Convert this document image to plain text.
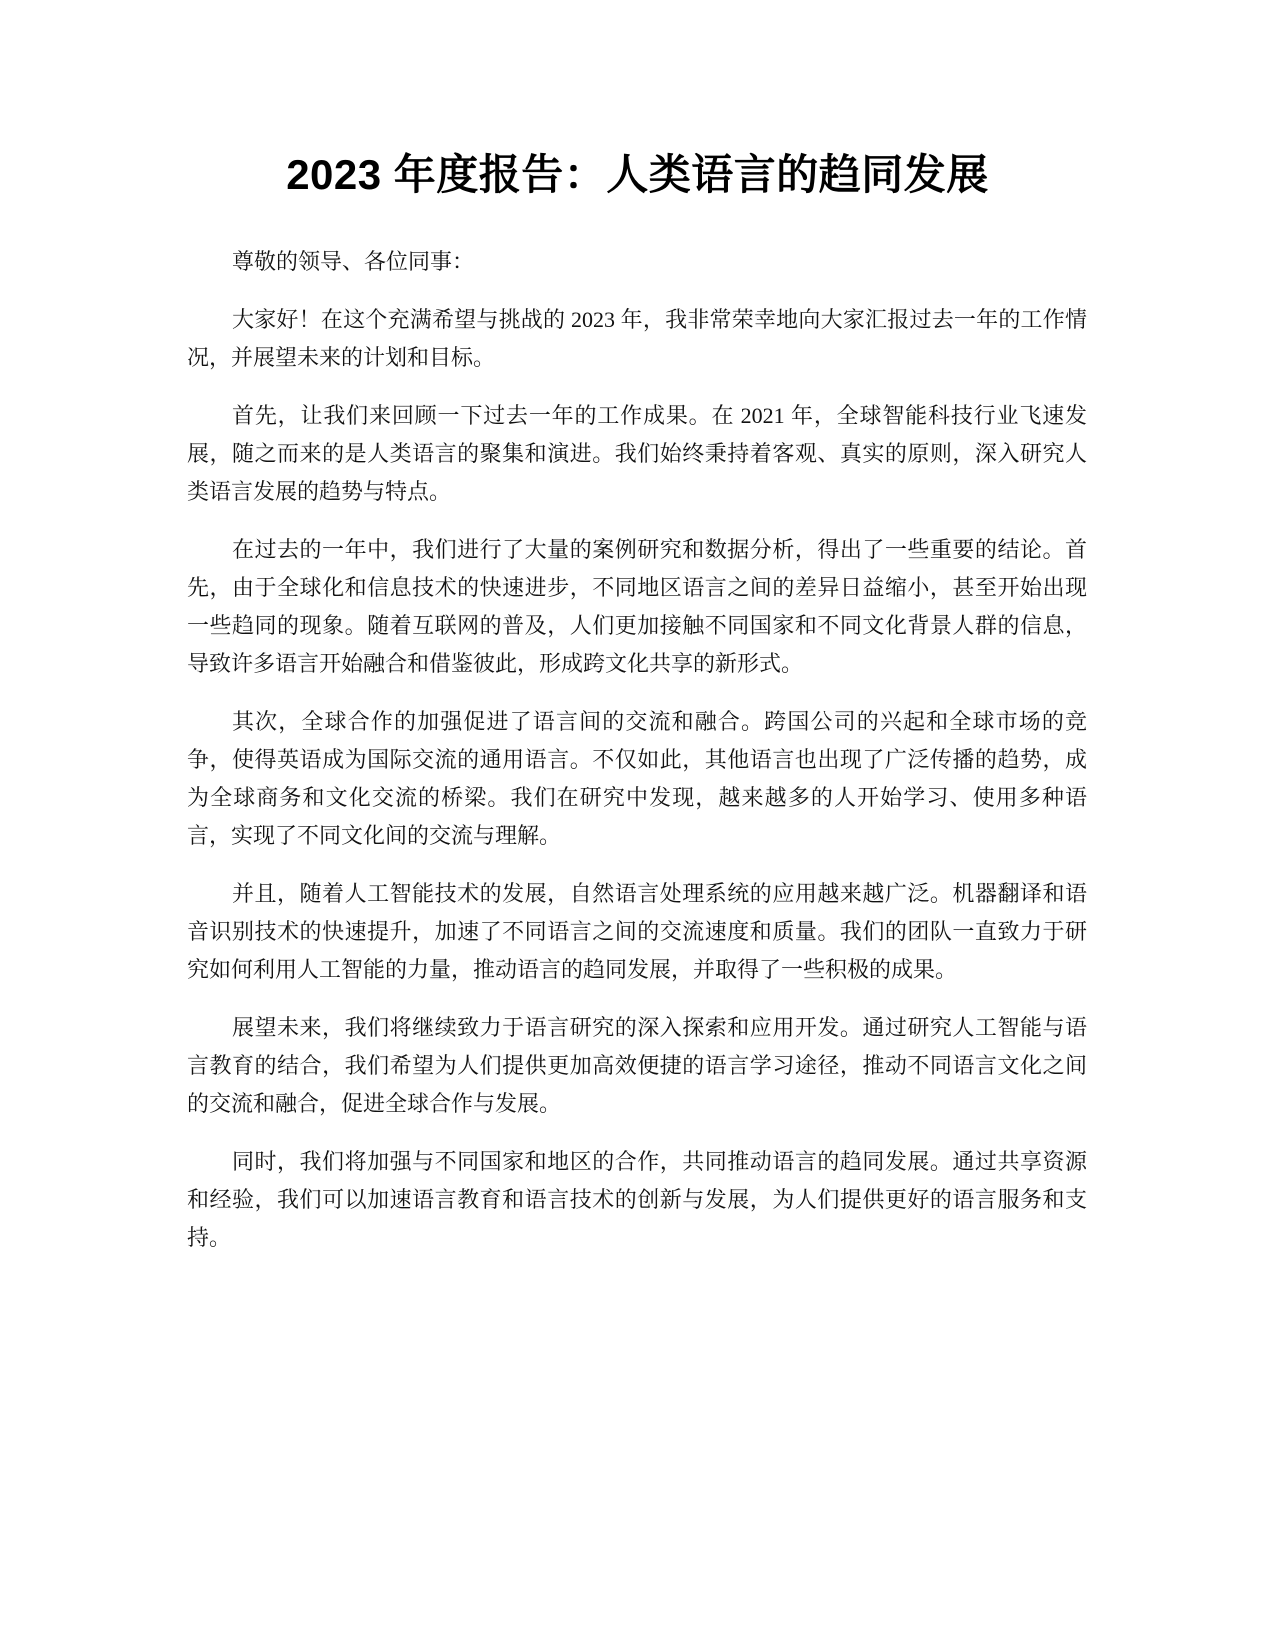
2023 年度报告：人类语言的趋同发展

尊敬的领导、各位同事：

大家好！在这个充满希望与挑战的 2023 年，我非常荣幸地向大家汇报过去一年的工作情况，并展望未来的计划和目标。

首先，让我们来回顾一下过去一年的工作成果。在 2021 年，全球智能科技行业飞速发展，随之而来的是人类语言的聚集和演进。我们始终秉持着客观、真实的原则，深入研究人类语言发展的趋势与特点。

在过去的一年中，我们进行了大量的案例研究和数据分析，得出了一些重要的结论。首先，由于全球化和信息技术的快速进步，不同地区语言之间的差异日益缩小，甚至开始出现一些趋同的现象。随着互联网的普及，人们更加接触不同国家和不同文化背景人群的信息，导致许多语言开始融合和借鉴彼此，形成跨文化共享的新形式。

其次，全球合作的加强促进了语言间的交流和融合。跨国公司的兴起和全球市场的竞争，使得英语成为国际交流的通用语言。不仅如此，其他语言也出现了广泛传播的趋势，成为全球商务和文化交流的桥梁。我们在研究中发现，越来越多的人开始学习、使用多种语言，实现了不同文化间的交流与理解。

并且，随着人工智能技术的发展，自然语言处理系统的应用越来越广泛。机器翻译和语音识别技术的快速提升，加速了不同语言之间的交流速度和质量。我们的团队一直致力于研究如何利用人工智能的力量，推动语言的趋同发展，并取得了一些积极的成果。

展望未来，我们将继续致力于语言研究的深入探索和应用开发。通过研究人工智能与语言教育的结合，我们希望为人们提供更加高效便捷的语言学习途径，推动不同语言文化之间的交流和融合，促进全球合作与发展。

同时，我们将加强与不同国家和地区的合作，共同推动语言的趋同发展。通过共享资源和经验，我们可以加速语言教育和语言技术的创新与发展，为人们提供更好的语言服务和支持。
